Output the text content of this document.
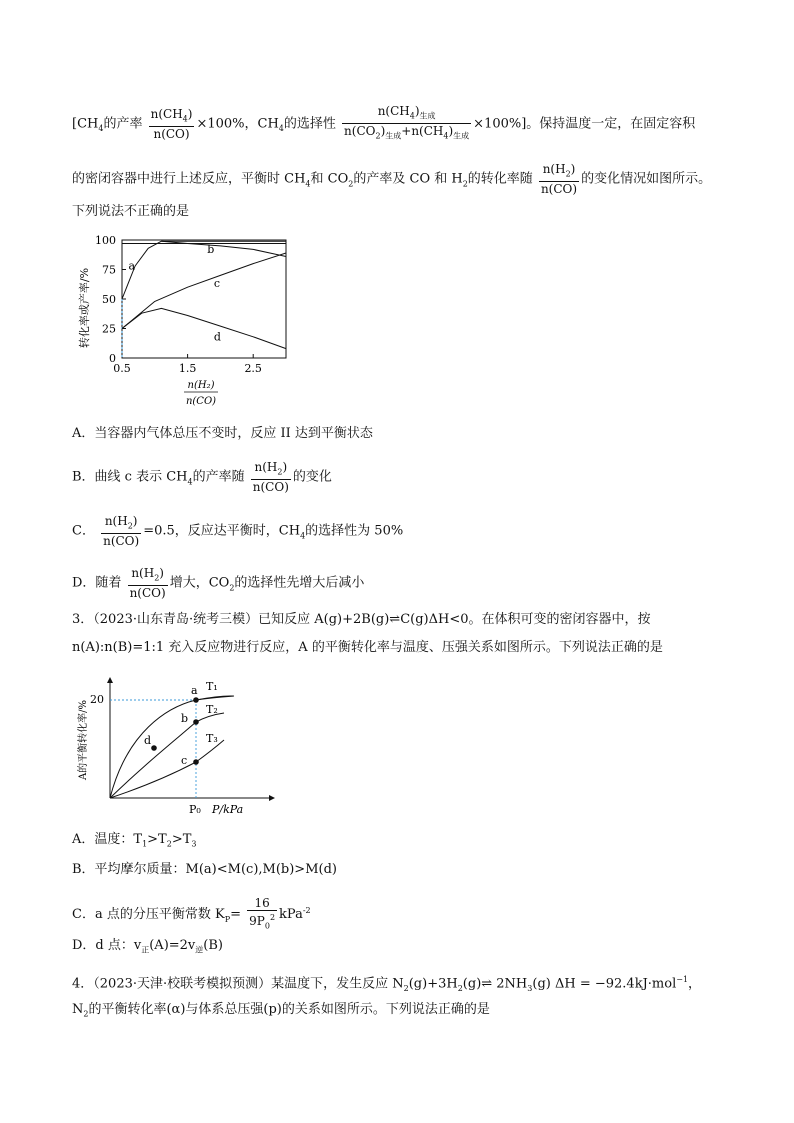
[$CH_4$的产率 $\frac{n(CH_4)}{n(CO)} \times 100\%$，$CH_4$的选择性 $\frac{n(CH_4)_{生成}}{n(CO_2)_{生成}+n(CH_4)_{生成}} \times 100\%$]。保持温度一定，在固定容积
的密闭容器中进行上述反应，平衡时 $CH_4$和 $CO_2$的产率及 CO 和 $H_2$的转化率随 $\frac{n(H_2)}{n(CO)}$ 的变化情况如图所示。
下列说法不正确的是
0
25
50
75
100
0.5	1.5	2.5
a
b
c
d
转化率或产率/%
n(H₂)
n(CO)
A．当容器内气体总压不变时，反应 II 达到平衡状态
B．曲线 c 表示 $CH_4$的产率随 $\frac{n(H_2)}{n(CO)}$ 的变化
C． $\frac{n(H_2)}{n(CO)} =0.5$，反应达平衡时，$CH_4$的选择性为 50%
D．随着 $\frac{n(H_2)}{n(CO)}$ 增大，$CO_2$的选择性先增大后减小
3．（2023·山东青岛·统考三模）已知反应 A(g)+2B(g)⇌C(g)ΔH<0。在体积可变的密闭容器中，按
n(A):n(B)=1:1 充入反应物进行反应，A 的平衡转化率与温度、压强关系如图所示。下列说法正确的是
a
b
c
d
T₁
T₂
T₃
20
P₀ P/kPa
A的平衡转化率/%
A．温度：$T_1>T_2>T_3$
B．平均摩尔质量：M(a)<M(c),M(b)>M(d)
C．a 点的分压平衡常数 $K_P= \frac{16}{9P_0^2} kPa^{-2}$
D．d 点：$v_正(A)=2v_逆(B)$
4．（2023·天津·校联考模拟预测）某温度下，发生反应 $N_2(g)+3H_2(g)\rightleftharpoons$ $2NH_3(g) \Delta H = -92.4kJ\cdot mol^{-1}$，
$N_2$的平衡转化率(α)与体系总压强(p)的关系如图所示。下列说法正确的是
